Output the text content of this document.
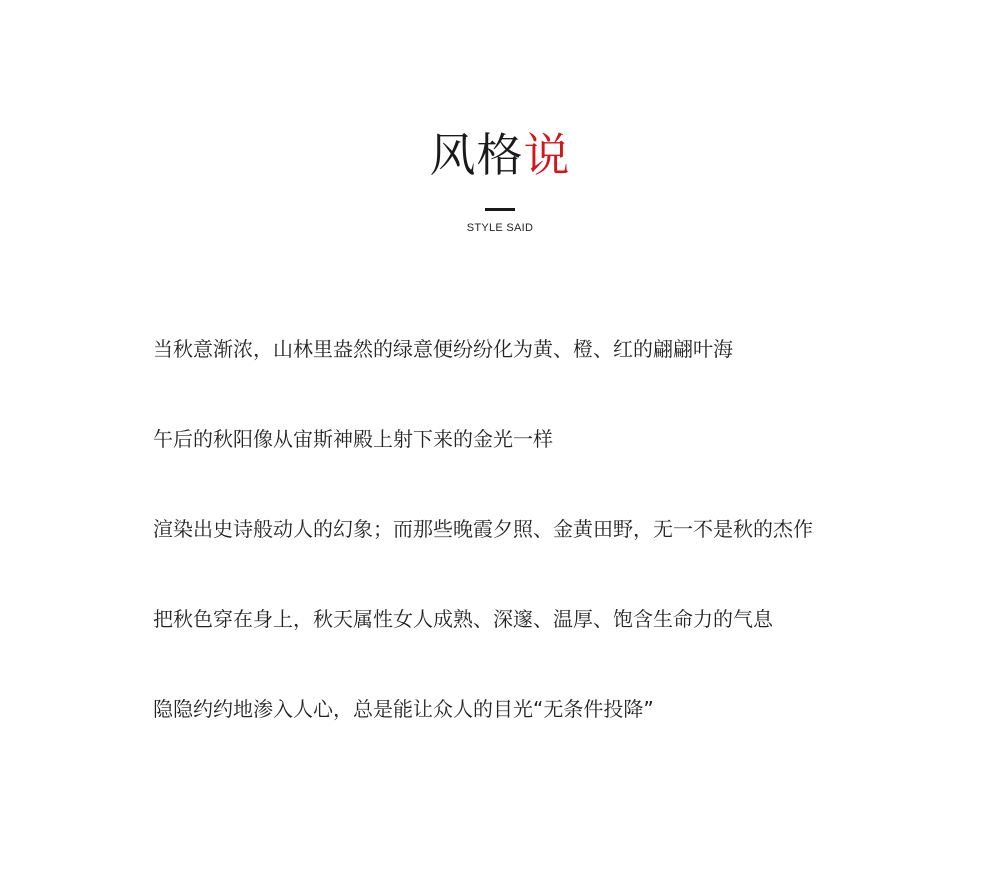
风格说
STYLE SAID

当秋意渐浓，山林里盎然的绿意便纷纷化为黄、橙、红的翩翩叶海

午后的秋阳像从宙斯神殿上射下来的金光一样

渲染出史诗般动人的幻象；而那些晚霞夕照、金黄田野，无一不是秋的杰作

把秋色穿在身上，秋天属性女人成熟、深邃、温厚、饱含生命力的气息

隐隐约约地渗入人心，总是能让众人的目光“无条件投降”
